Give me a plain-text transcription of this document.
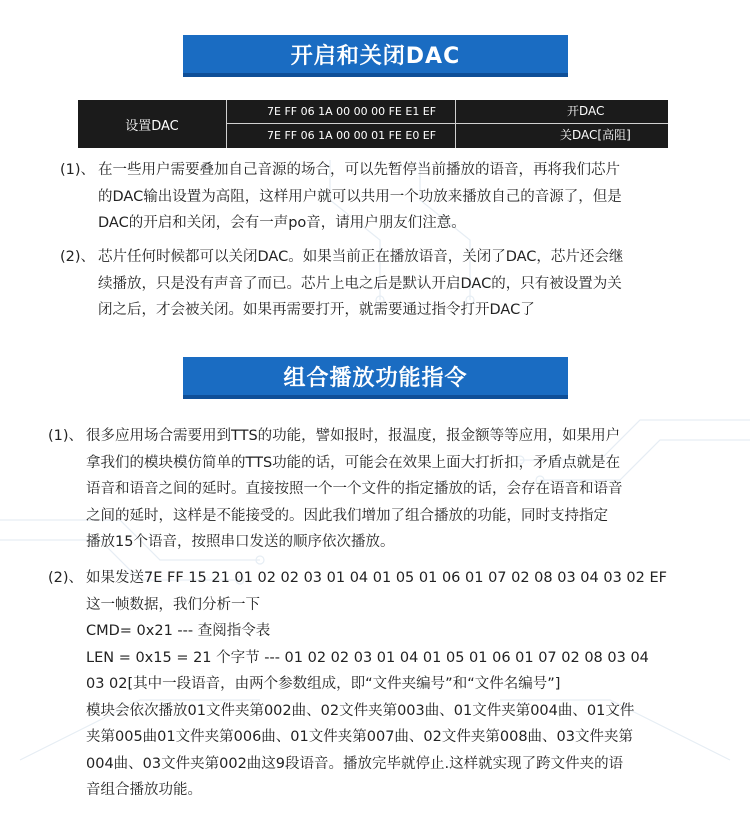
开启和关闭DAC
设置DAC
7E FF 06 1A 00 00 00 FE E1 EF	开DAC
7E FF 06 1A 00 00 01 FE E0 EF	关DAC[高阻]
(1)、 在一些用户需要叠加自己音源的场合，可以先暂停当前播放的语音，再将我们芯片
的DAC输出设置为高阻，这样用户就可以共用一个功放来播放自己的音源了，但是
DAC的开启和关闭，会有一声po音，请用户朋友们注意。
(2)、 芯片任何时候都可以关闭DAC。如果当前正在播放语音，关闭了DAC，芯片还会继
续播放，只是没有声音了而已。芯片上电之后是默认开启DAC的，只有被设置为关
闭之后，才会被关闭。如果再需要打开，就需要通过指令打开DAC了
组合播放功能指令
(1)、 很多应用场合需要用到TTS的功能，譬如报时，报温度，报金额等等应用，如果用户
拿我们的模块模仿简单的TTS功能的话，可能会在效果上面大打折扣，矛盾点就是在
语音和语音之间的延时。直接按照一个一个文件的指定播放的话，会存在语音和语音
之间的延时，这样是不能接受的。因此我们增加了组合播放的功能，同时支持指定
播放15个语音，按照串口发送的顺序依次播放。
(2)、 如果发送7E FF 15 21 01 02 02 03 01 04 01 05 01 06 01 07 02 08 03 04 03 02 EF
这一帧数据，我们分析一下
CMD= 0x21 --- 查阅指令表
LEN = 0x15 = 21 个字节 --- 01 02 02 03 01 04 01 05 01 06 01 07 02 08 03 04
03 02[其中一段语音，由两个参数组成，即“文件夹编号”和“文件名编号”]
模块会依次播放01文件夹第002曲、02文件夹第003曲、01文件夹第004曲、01文件
夹第005曲01文件夹第006曲、01文件夹第007曲、02文件夹第008曲、03文件夹第
004曲、03文件夹第002曲这9段语音。播放完毕就停止.这样就实现了跨文件夹的语
音组合播放功能。
